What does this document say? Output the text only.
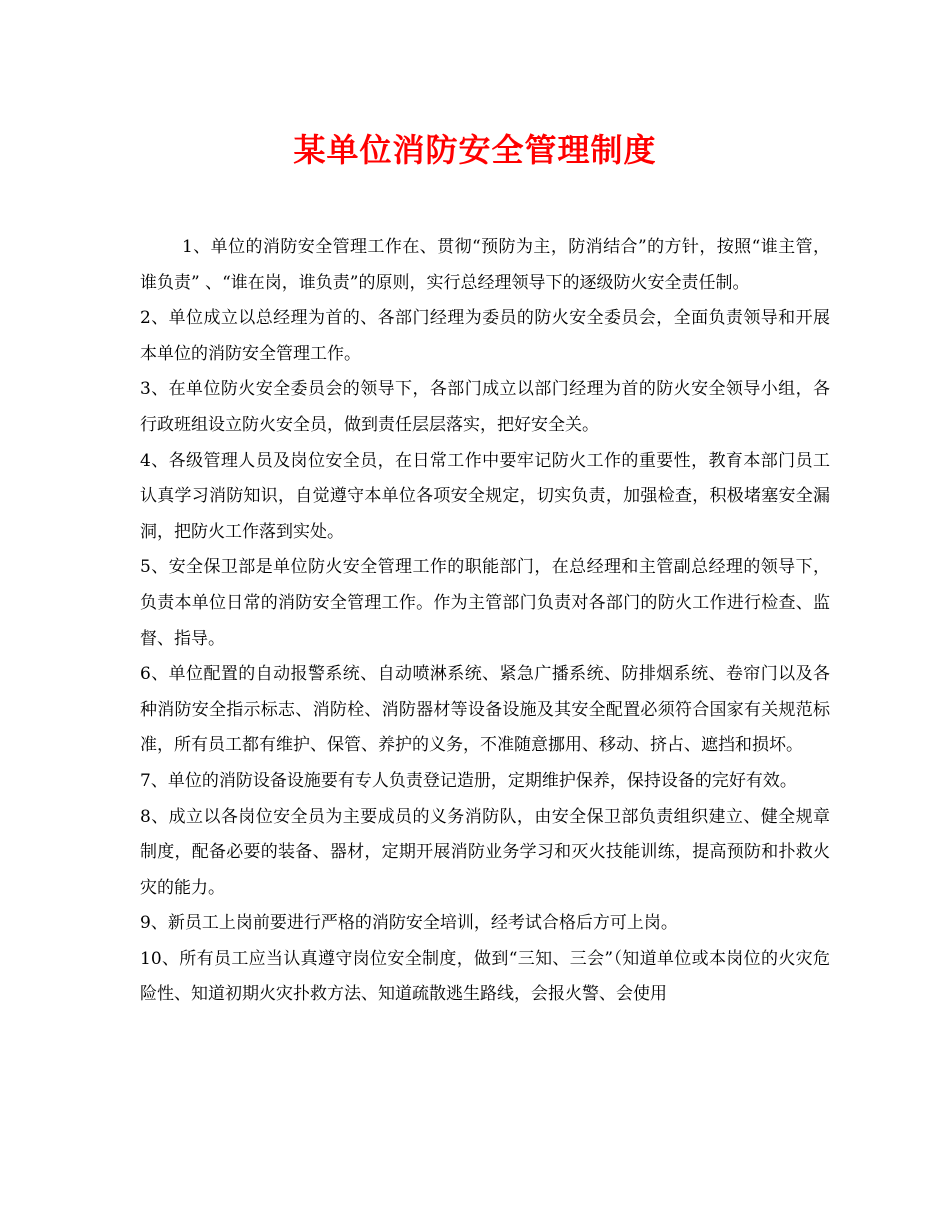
某单位消防安全管理制度

1、单位的消防安全管理工作在、贯彻“预防为主，防消结合”的方针，按照“谁主管，谁负责” 、“谁在岗，谁负责”的原则，实行总经理领导下的逐级防火安全责任制。

2、单位成立以总经理为首的、各部门经理为委员的防火安全委员会，全面负责领导和开展本单位的消防安全管理工作。

3、在单位防火安全委员会的领导下，各部门成立以部门经理为首的防火安全领导小组，各行政班组设立防火安全员，做到责任层层落实，把好安全关。

4、各级管理人员及岗位安全员，在日常工作中要牢记防火工作的重要性，教育本部门员工认真学习消防知识，自觉遵守本单位各项安全规定，切实负责，加强检查，积极堵塞安全漏洞，把防火工作落到实处。

5、安全保卫部是单位防火安全管理工作的职能部门，在总经理和主管副总经理的领导下，负责本单位日常的消防安全管理工作。作为主管部门负责对各部门的防火工作进行检查、监督、指导。

6、单位配置的自动报警系统、自动喷淋系统、紧急广播系统、防排烟系统、卷帘门以及各种消防安全指示标志、消防栓、消防器材等设备设施及其安全配置必须符合国家有关规范标准，所有员工都有维护、保管、养护的义务，不准随意挪用、移动、挤占、遮挡和损坏。

7、单位的消防设备设施要有专人负责登记造册，定期维护保养，保持设备的完好有效。

8、成立以各岗位安全员为主要成员的义务消防队，由安全保卫部负责组织建立、健全规章制度，配备必要的装备、器材，定期开展消防业务学习和灭火技能训练，提高预防和扑救火灾的能力。

9、新员工上岗前要进行严格的消防安全培训，经考试合格后方可上岗。

10、所有员工应当认真遵守岗位安全制度，做到“三知、三会”（知道单位或本岗位的火灾危险性、知道初期火灾扑救方法、知道疏散逃生路线，会报火警、会使用
